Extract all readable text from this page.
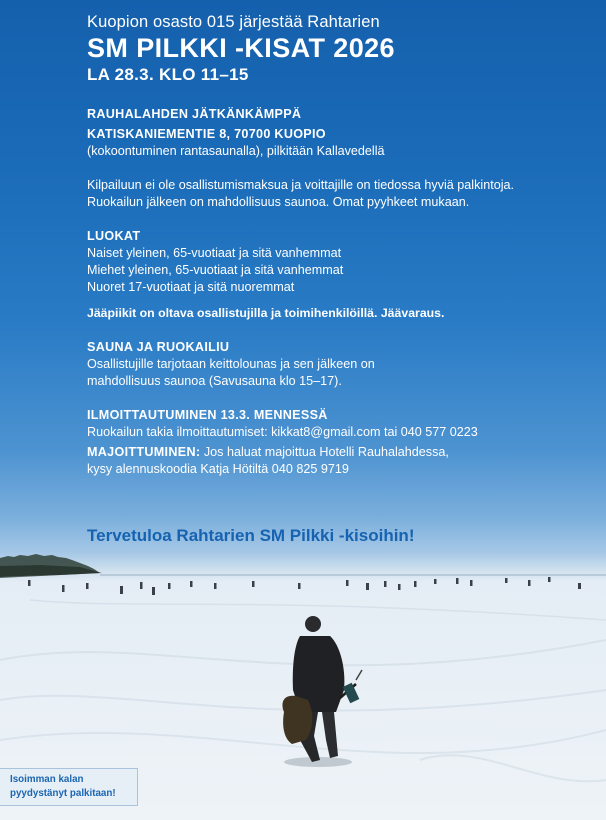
Kuopion osasto 015 järjestää Rahtarien

SM PILKKI -KISAT 2026

LA 28.3. KLO 11–15

RAUHALAHDEN JÄTKÄNKÄMPPÄ
KATISKANIEMENTIE 8, 70700 KUOPIO
(kokoontuminen rantasaunalla), pilkitään Kallavedellä
Kilpailuun ei ole osallistumismaksua ja voittajille on tiedossa hyviä palkintoja.
Ruokailun jälkeen on mahdollisuus saunoa. Omat pyyhkeet mukaan.
LUOKAT
Naiset yleinen, 65-vuotiaat ja sitä vanhemmat
Miehet yleinen, 65-vuotiaat ja sitä vanhemmat
Nuoret 17-vuotiaat ja sitä nuoremmat
Jääpiikit on oltava osallistujilla ja toimihenkilöillä. Jäävaraus.
SAUNA JA RUOKAILIU
Osallistujille tarjotaan keittolounas ja sen jälkeen on
mahdollisuus saunoa (Savusauna klo 15–17).
ILMOITTAUTUMINEN 13.3. MENNESSÄ
Ruokailun takia ilmoittautumiset: kikkat8@gmail.com tai 040 577 0223
MAJOITTUMINEN: Jos haluat majoittua Hotelli Rauhalahdessa,
kysy alennuskoodia Katja Hötiltä 040 825 9719

Tervetuloa Rahtarien SM Pilkki -kisoihin!

Isoimman kalan
pyydystänyt palkitaan!
